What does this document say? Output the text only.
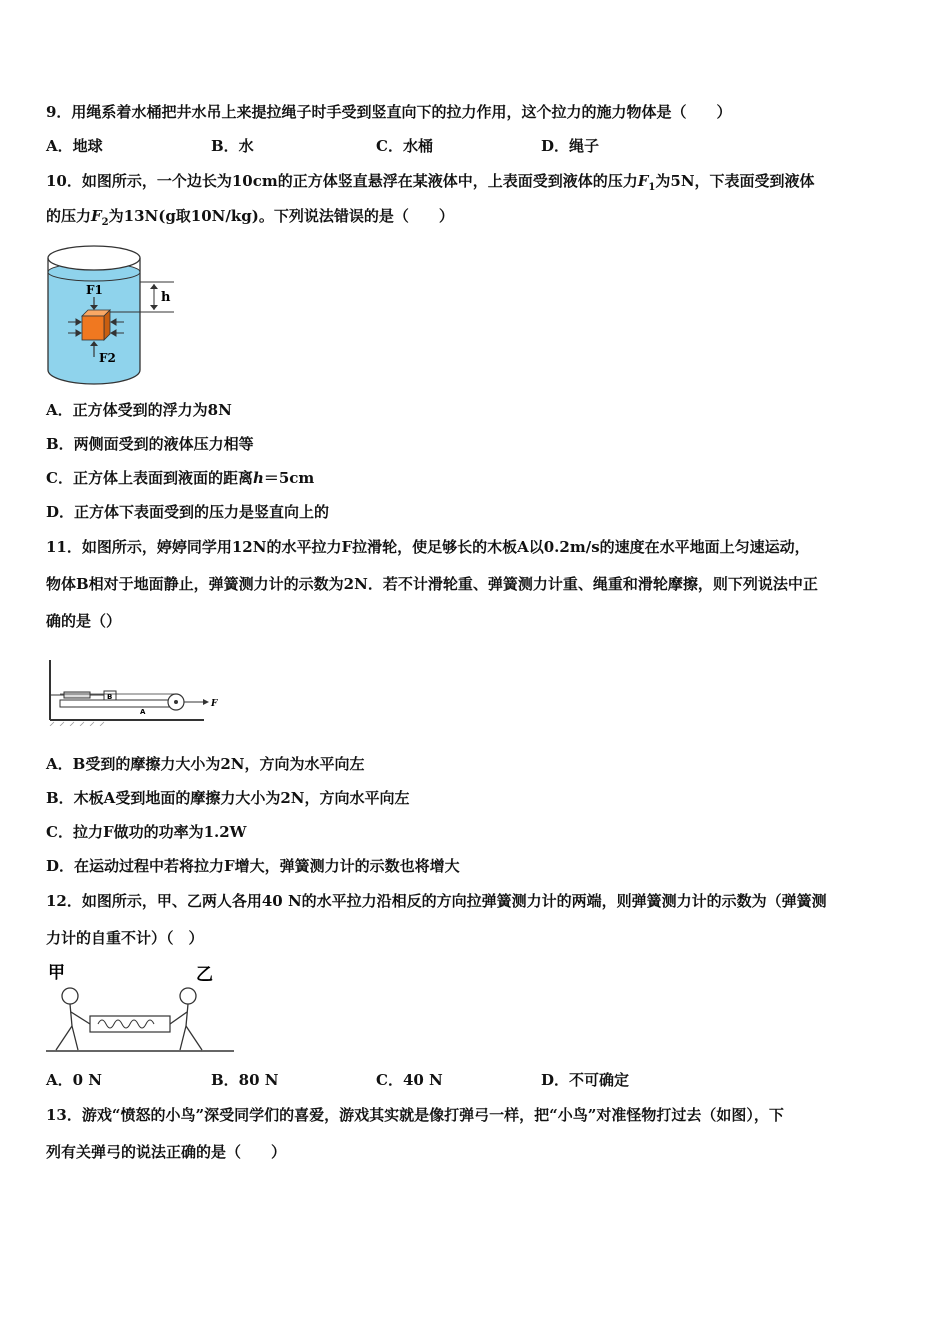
9．用绳系着水桶把井水吊上来提拉绳子时手受到竖直向下的拉力作用，这个拉力的施力物体是（　　）
A．地球	B．水	C．水桶	D．绳子
10．如图所示，一个边长为10cm的正方体竖直悬浮在某液体中，上表面受到液体的压力$F_1$为5N，下表面受到液体
的压力$F_2$为13N(g取10N/kg)。下列说法错误的是（　　）
h
F1
F2
A．正方体受到的浮力为8N
B．两侧面受到的液体压力相等
C．正方体上表面到液面的距离h＝5cm
D．正方体下表面受到的压力是竖直向上的
11．如图所示，婷婷同学用12N的水平拉力F拉滑轮，使足够长的木板A以0.2m/s的速度在水平地面上匀速运动，
物体B相对于地面静止，弹簧测力计的示数为2N．若不计滑轮重、弹簧测力计重、绳重和滑轮摩擦，则下列说法中正
确的是（）
A
B
F
A．B受到的摩擦力大小为2N，方向为水平向左
B．木板A受到地面的摩擦力大小为2N，方向水平向左
C．拉力F做功的功率为1.2W
D．在运动过程中若将拉力F增大，弹簧测力计的示数也将增大
12．如图所示，甲、乙两人各用40 N的水平拉力沿相反的方向拉弹簧测力计的两端，则弹簧测力计的示数为（弹簧测
力计的自重不计）（　）
甲	乙
A．0 N	B．80 N	C．40 N	D．不可确定
13．游戏“愤怒的小鸟”深受同学们的喜爱，游戏其实就是像打弹弓一样，把“小鸟”对准怪物打过去（如图），下
列有关弹弓的说法正确的是（　　）
